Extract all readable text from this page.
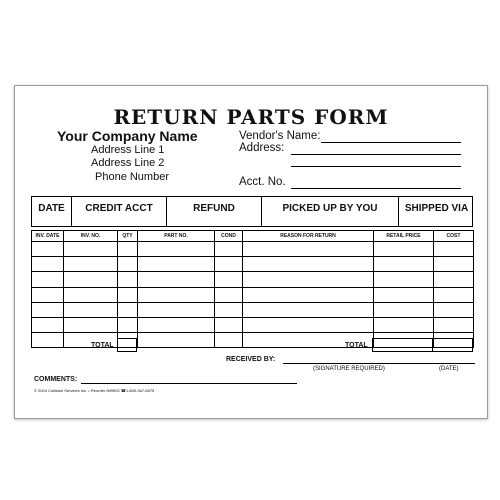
RETURN PARTS FORM
Your Company Name
Address Line 1
Address Line 2
Phone Number
Vendor's Name:
Address:
Acct. No.
DATE	CREDIT ACCT	REFUND	PICKED UP BY YOU	SHIPPED VIA
INV. DATE	INV. NO.	QTY	PART NO.	COND	REASON FOR RETURN	RETAIL PRICE	COST

TOTAL	TOTAL
RECEIVED BY:
(SIGNATURE REQUIRED)	(DATE)
COMMENTS:
© 2004 Collision Services Inc. • Reorder IM9902 ☎1-800-367-6575
